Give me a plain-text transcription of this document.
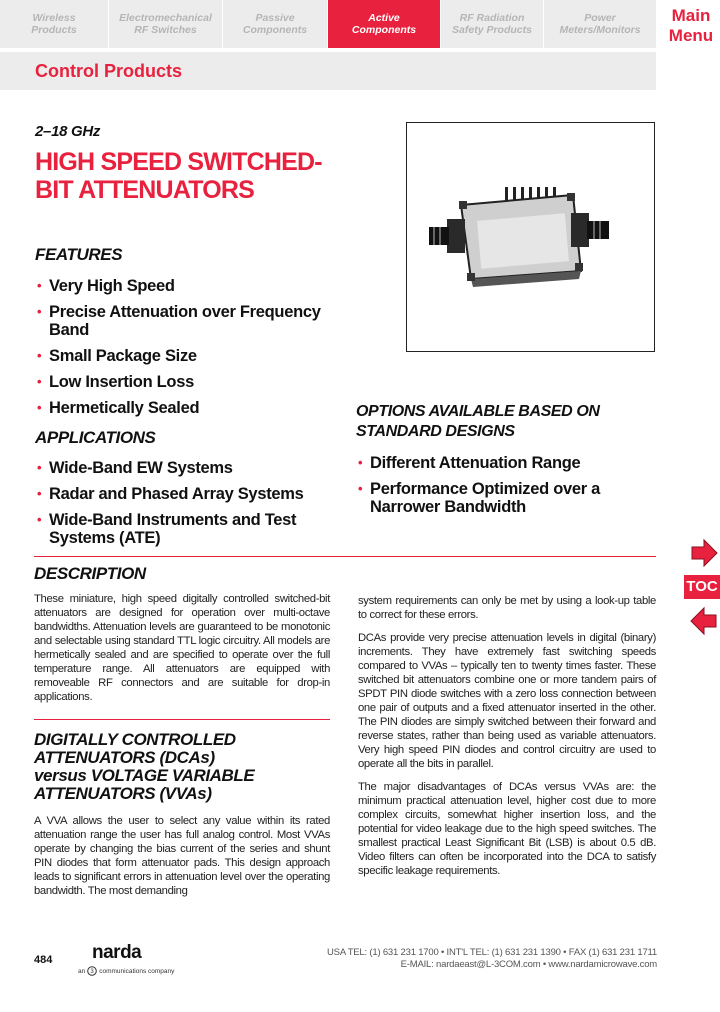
Wireless
Products
Electromechanical
RF Switches
Passive
Components
Active
Components
RF Radiation
Safety Products
Power
Meters/Monitors
Main
Menu
Control Products
2–18 GHz
HIGH SPEED SWITCHED-BIT ATTENUATORS
FEATURES
• Very High Speed
• Precise Attenuation over Frequency Band
• Small Package Size
• Low Insertion Loss
• Hermetically Sealed
APPLICATIONS
• Wide-Band EW Systems
• Radar and Phased Array Systems
• Wide-Band Instruments and Test Systems (ATE)
OPTIONS AVAILABLE BASED ON STANDARD DESIGNS
• Different Attenuation Range
• Performance Optimized over a Narrower Bandwidth
DESCRIPTION

These miniature, high speed digitally controlled switched-bit attenuators are designed for operation over multi-octave bandwidths. Attenuation levels are guaranteed to be monotonic and selectable using standard TTL logic circuitry. All models are hermetically sealed and are specified to operate over the full temperature range. All attenuators are equipped with removeable RF connectors and are suitable for drop-in applications.

DIGITALLY CONTROLLED
ATTENUATORS (DCAs)
versus VOLTAGE VARIABLE
ATTENUATORS (VVAs)

A VVA allows the user to select any value within its rated attenuation range the user has full analog control. Most VVAs operate by changing the bias current of the series and shunt PIN diodes that form attenuator pads. This design approach leads to significant errors in attenuation level over the operating bandwidth. The most demanding

system requirements can only be met by using a look-up table to correct for these errors.

DCAs provide very precise attenuation levels in digital (binary) increments. They have extremely fast switching speeds compared to VVAs – typically ten to twenty times faster. These switched bit attenuators combine one or more tandem pairs of SPDT PIN diode switches with a zero loss connection between one pair of outputs and a fixed attenuator inserted in the other. The PIN diodes are simply switched between their forward and reverse states, rather than being used as variable attenuators. Very high speed PIN diodes and control circuitry are used to operate all the bits in parallel.

The major disadvantages of DCAs versus VVAs are: the minimum practical attenuation level, higher cost due to more complex circuits, somewhat higher insertion loss, and the potential for video leakage due to the high speed switches. The smallest practical Least Significant Bit (LSB) is about 0.5 dB. Video filters can often be incorporated into the DCA to satisfy specific leakage requirements.

TOC
484 narda
an 3 communications company
USA TEL: (1) 631 231 1700 • INT'L TEL: (1) 631 231 1390 • FAX (1) 631 231 1711
E-MAIL: nardaeast@L-3COM.com • www.nardamicrowave.com
